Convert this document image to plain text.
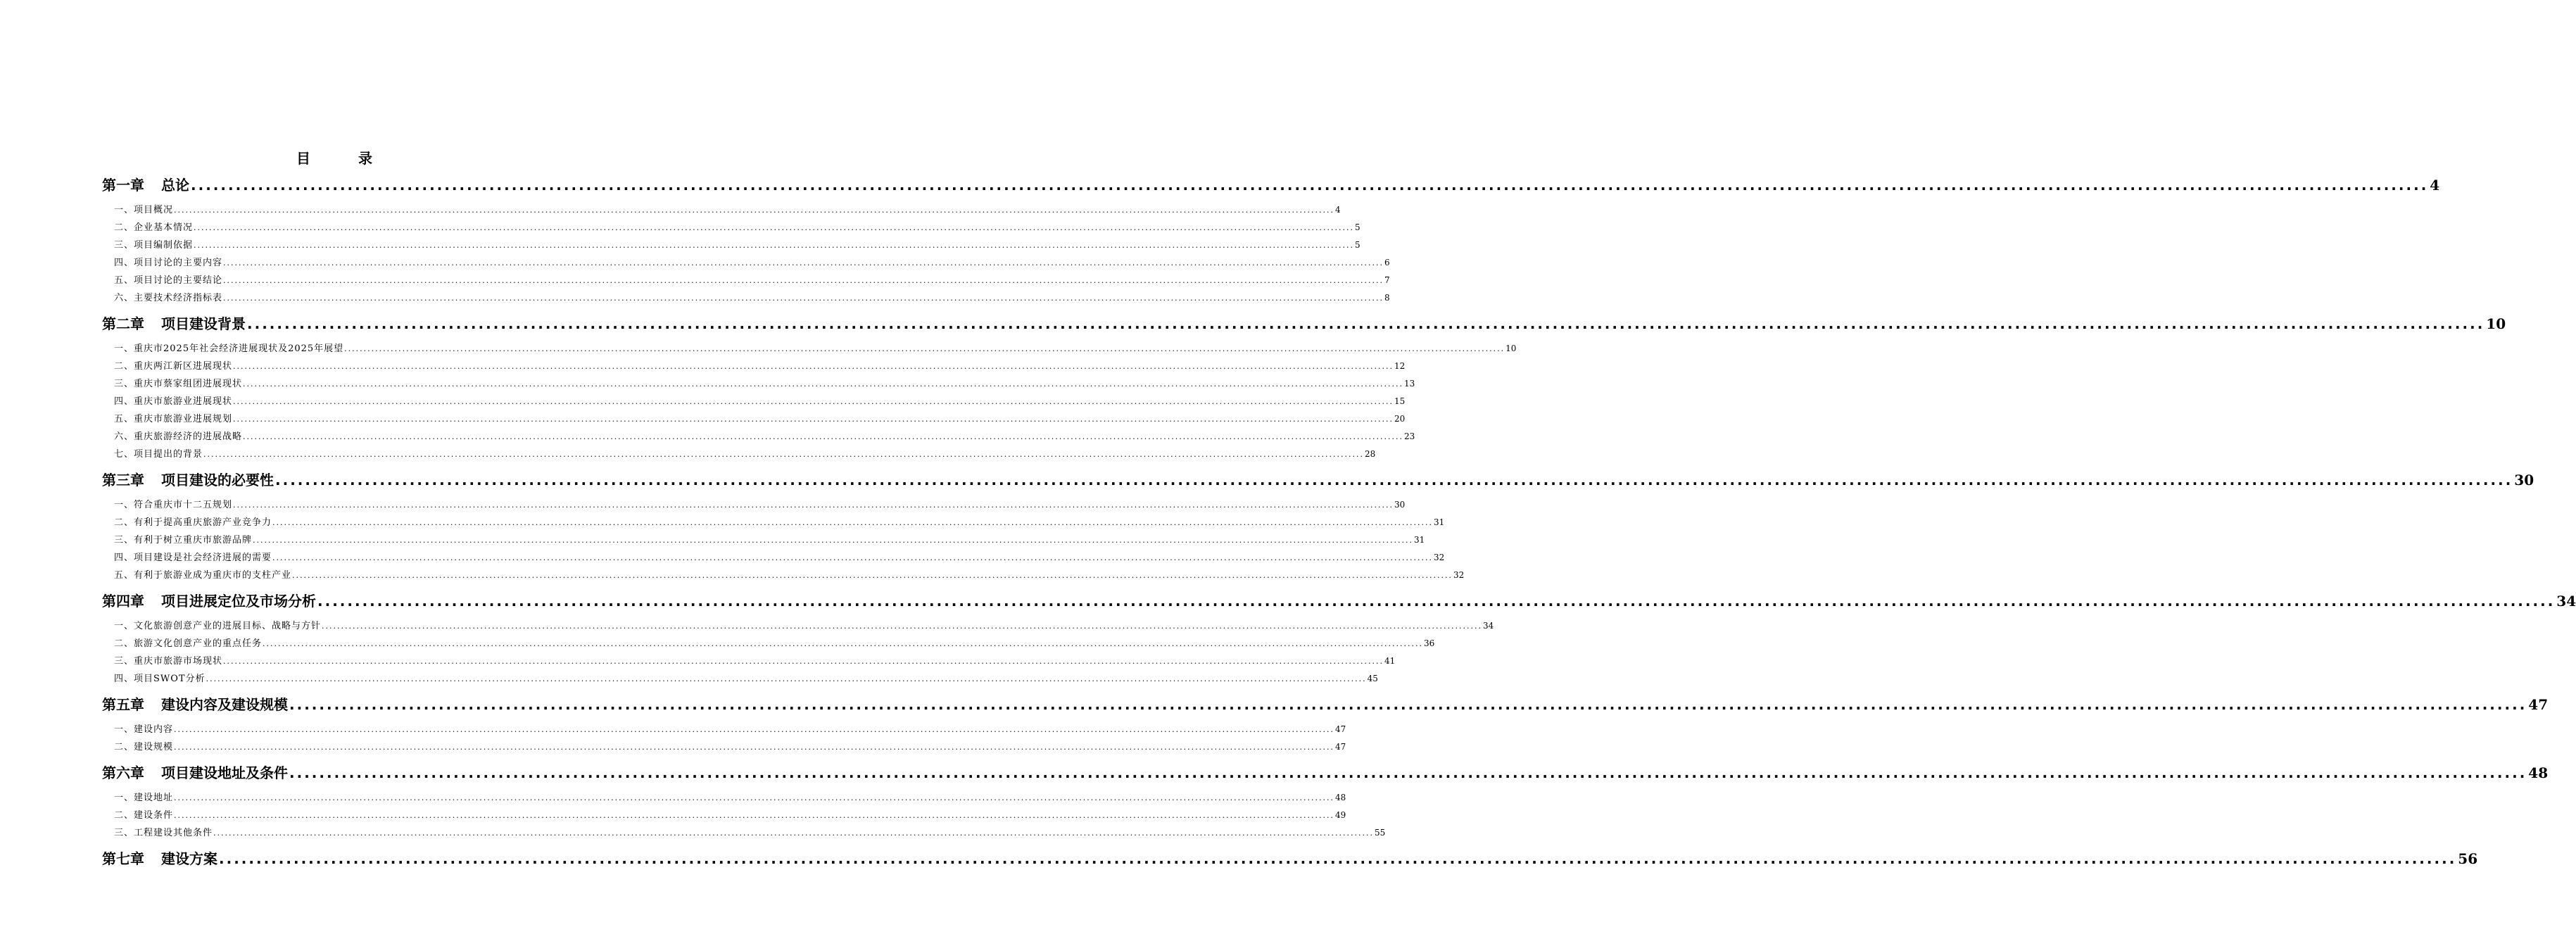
目　录
第一章 总论 ............................................................................................................................................................................................................................................................................................................ 4
一、项目概况 ............................................................................................................................................................................................................................................................................................................ 4
二、企业基本情况 ............................................................................................................................................................................................................................................................................................................ 5
三、项目编制依据 ............................................................................................................................................................................................................................................................................................................ 5
四、项目讨论的主要内容 ............................................................................................................................................................................................................................................................................................................ 6
五、项目讨论的主要结论 ............................................................................................................................................................................................................................................................................................................ 7
六、主要技术经济指标表 ............................................................................................................................................................................................................................................................................................................ 8
第二章 项目建设背景 ............................................................................................................................................................................................................................................................................................................ 10
一、重庆市2025年社会经济进展现状及2025年展望 ............................................................................................................................................................................................................................................................................................................ 10
二、重庆两江新区进展现状 ............................................................................................................................................................................................................................................................................................................ 12
三、重庆市蔡家组团进展现状 ............................................................................................................................................................................................................................................................................................................ 13
四、重庆市旅游业进展现状 ............................................................................................................................................................................................................................................................................................................ 15
五、重庆市旅游业进展规划 ............................................................................................................................................................................................................................................................................................................ 20
六、重庆旅游经济的进展战略 ............................................................................................................................................................................................................................................................................................................ 23
七、项目提出的背景 ............................................................................................................................................................................................................................................................................................................ 28
第三章 项目建设的必要性 ............................................................................................................................................................................................................................................................................................................ 30
一、符合重庆市十二五规划 ............................................................................................................................................................................................................................................................................................................ 30
二、有利于提高重庆旅游产业竞争力 ............................................................................................................................................................................................................................................................................................................ 31
三、有利于树立重庆市旅游品牌 ............................................................................................................................................................................................................................................................................................................ 31
四、项目建设是社会经济进展的需要 ............................................................................................................................................................................................................................................................................................................ 32
五、有利于旅游业成为重庆市的支柱产业 ............................................................................................................................................................................................................................................................................................................ 32
第四章 项目进展定位及市场分析 ............................................................................................................................................................................................................................................................................................................ 34
一、文化旅游创意产业的进展目标、战略与方针 ............................................................................................................................................................................................................................................................................................................ 34
二、旅游文化创意产业的重点任务 ............................................................................................................................................................................................................................................................................................................ 36
三、重庆市旅游市场现状 ............................................................................................................................................................................................................................................................................................................ 41
四、项目SWOT分析 ............................................................................................................................................................................................................................................................................................................ 45
第五章 建设内容及建设规模 ............................................................................................................................................................................................................................................................................................................ 47
一、建设内容 ............................................................................................................................................................................................................................................................................................................ 47
二、建设规模 ............................................................................................................................................................................................................................................................................................................ 47
第六章 项目建设地址及条件 ............................................................................................................................................................................................................................................................................................................ 48
一、建设地址 ............................................................................................................................................................................................................................................................................................................ 48
二、建设条件 ............................................................................................................................................................................................................................................................................................................ 49
三、工程建设其他条件 ............................................................................................................................................................................................................................................................................................................ 55
第七章 建设方案 ............................................................................................................................................................................................................................................................................................................ 56
